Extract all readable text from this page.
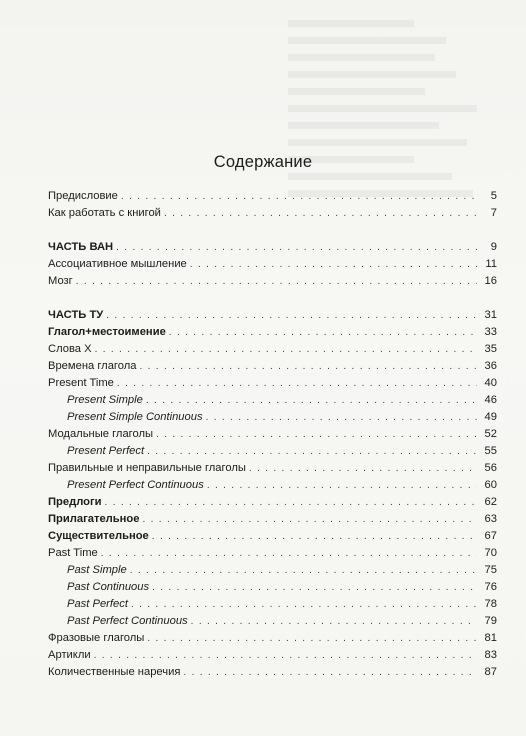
Содержание
Предисловие . . .	5
Как работать с книгой . . .	7
ЧАСТЬ ВАН . . .	9
Ассоциативное мышление . . .	11
Мозг . . .	16
ЧАСТЬ ТУ . . .	31
Глагол+местоимение . . .	33
Слова Х . . .	35
Времена глагола . . .	36
Present Time . . .	40
Present Simple . . .	46
Present Simple Continuous . . .	49
Модальные глаголы . . .	52
Present Perfect . . .	55
Правильные и неправильные глаголы . . .	56
Present Perfect Continuous . . .	60
Предлоги . . .	62
Прилагательное . . .	63
Существительное . . .	67
Past Time . . .	70
Past Simple . . .	75
Past Continuous . . .	76
Past Perfect . . .	78
Past Perfect Continuous . . .	79
Фразовые глаголы . . .	81
Артикли . . .	83
Количественные наречия . . .	87
